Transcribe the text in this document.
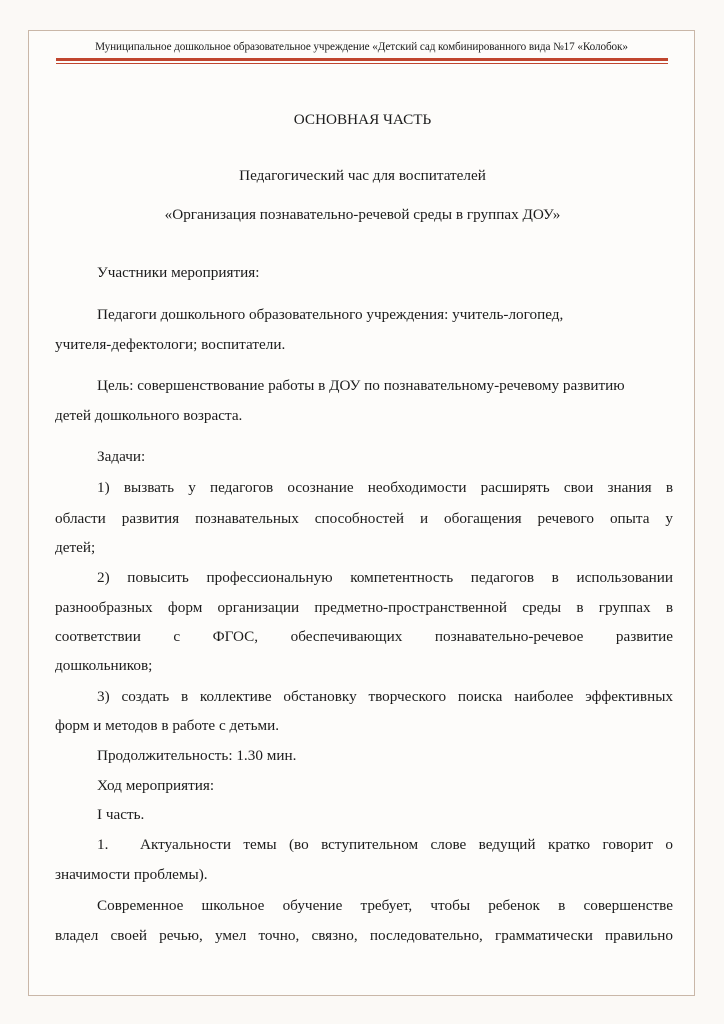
Муниципальное дошкольное образовательное учреждение «Детский сад комбинированного вида №17 «Колобок»
ОСНОВНАЯ ЧАСТЬ
Педагогический час для воспитателей
«Организация познавательно-речевой среды в группах ДОУ»
Участники мероприятия:
Педагоги дошкольного образовательного учреждения: учитель-логопед,
учителя-дефектологи; воспитатели.
Цель: совершенствование работы в ДОУ по познавательному-речевому развитию
детей дошкольного возраста.
Задачи:
1) вызвать у педагогов осознание необходимости расширять свои знания в
области развития познавательных способностей и обогащения речевого опыта у
детей;
2) повысить профессиональную компетентность педагогов в использовании
разнообразных форм организации предметно-пространственной среды в группах в
соответствии с ФГОС, обеспечивающих познавательно-речевое развитие
дошкольников;
3) создать в коллективе обстановку творческого поиска наиболее эффективных
форм и методов в работе с детьми.
Продолжительность: 1.30 мин.
Ход мероприятия:
I часть.
1. Актуальности темы (во вступительном слове ведущий кратко говорит о
значимости проблемы).
Современное школьное обучение требует, чтобы ребенок в совершенстве
владел своей речью, умел точно, связно, последовательно, грамматически правильно
